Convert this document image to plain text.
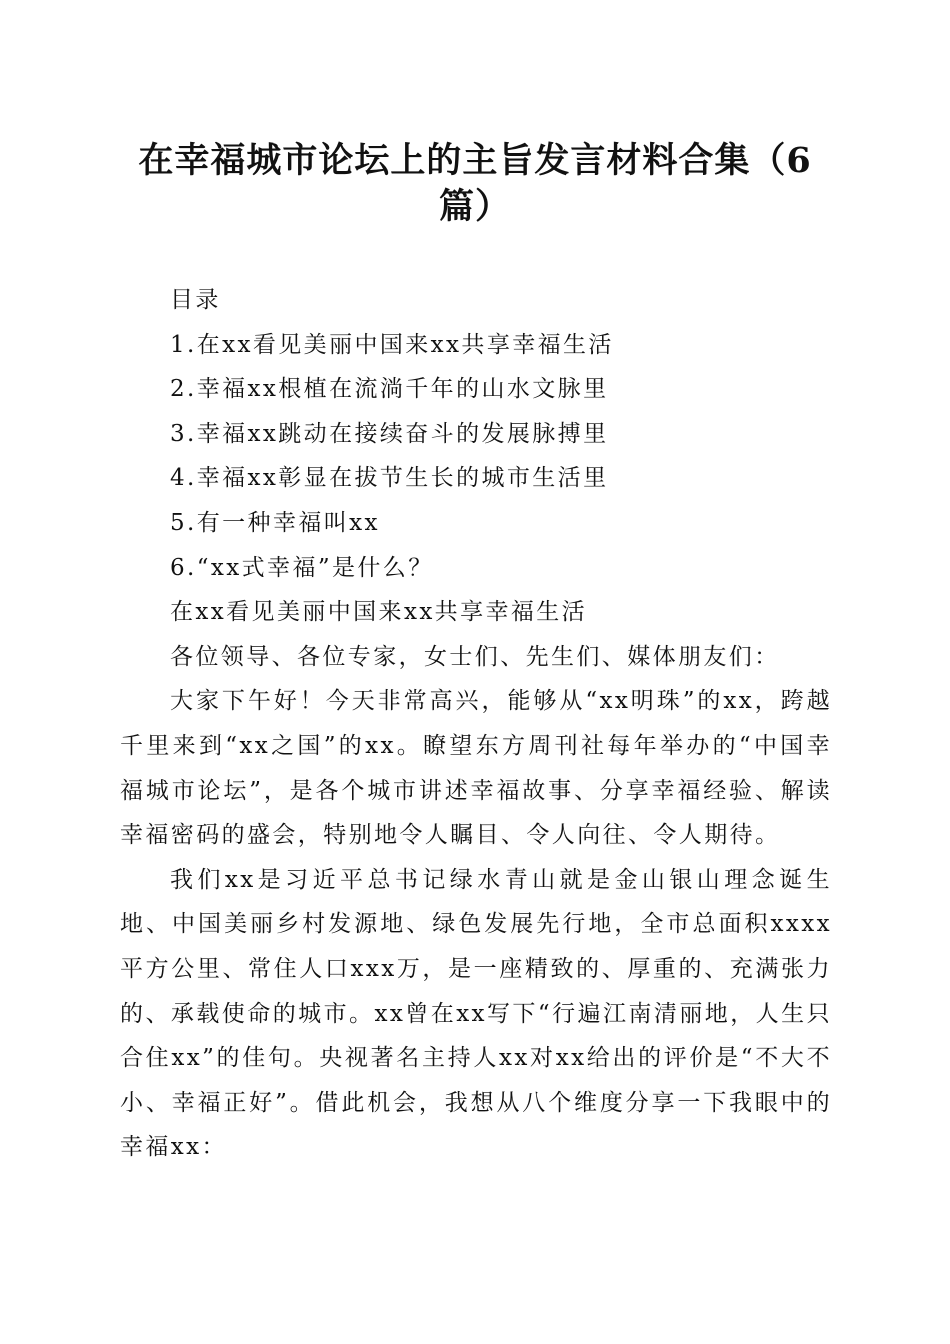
在幸福城市论坛上的主旨发言材料合集（6
篇）

目录

1.在xx看见美丽中国来xx共享幸福生活

2.幸福xx根植在流淌千年的山水文脉里

3.幸福xx跳动在接续奋斗的发展脉搏里

4.幸福xx彰显在拔节生长的城市生活里

5.有一种幸福叫xx

6.“xx式幸福”是什么？

在xx看见美丽中国来xx共享幸福生活

各位领导、各位专家，女士们、先生们、媒体朋友们：

大家下午好！今天非常高兴，能够从“xx明珠”的xx，跨越千里来到“xx之国”的xx。瞭望东方周刊社每年举办的“中国幸福城市论坛”，是各个城市讲述幸福故事、分享幸福经验、解读幸福密码的盛会，特别地令人瞩目、令人向往、令人期待。

我们xx是习近平总书记绿水青山就是金山银山理念诞生地、中国美丽乡村发源地、绿色发展先行地，全市总面积xxxx平方公里、常住人口xxx万，是一座精致的、厚重的、充满张力的、承载使命的城市。xx曾在xx写下“行遍江南清丽地，人生只合住xx”的佳句。央视著名主持人xx对xx给出的评价是“不大不小、幸福正好”。借此机会，我想从八个维度分享一下我眼中的幸福xx：
